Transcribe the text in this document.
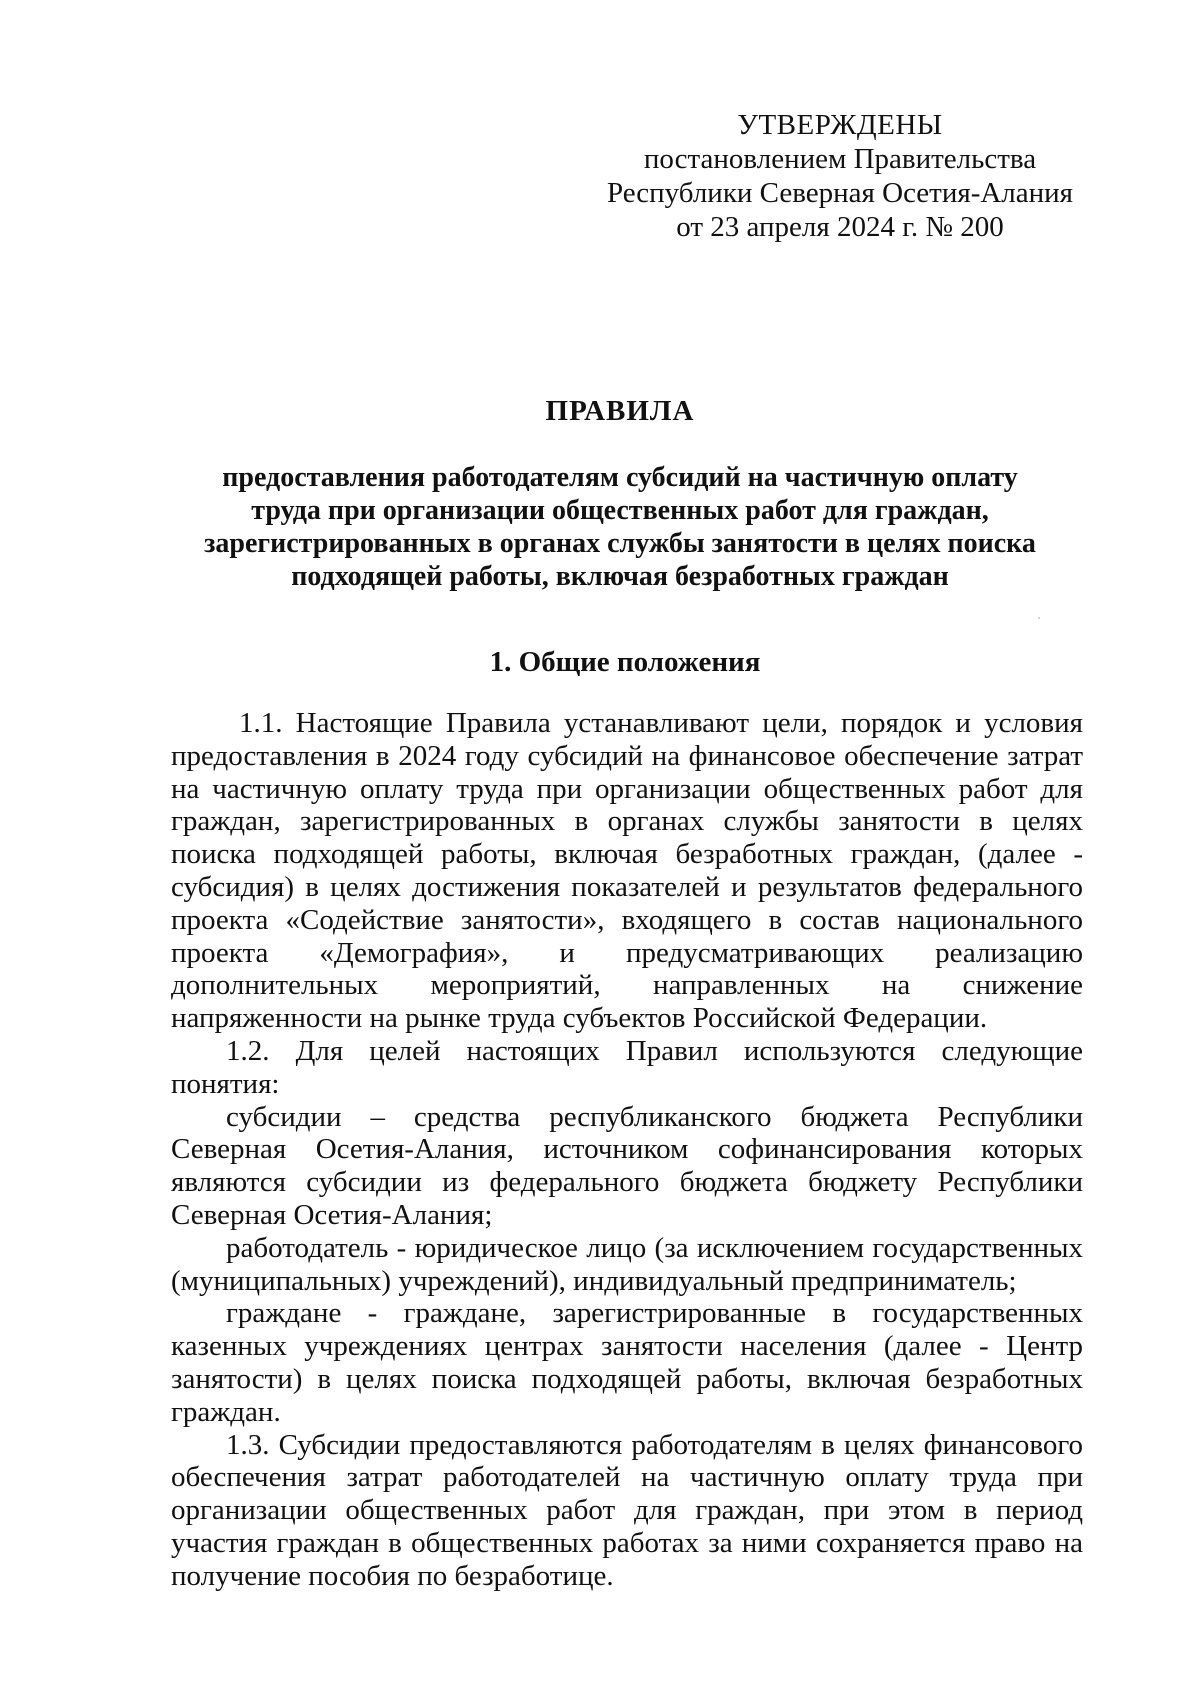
УТВЕРЖДЕНЫ
постановлением Правительства
Республики Северная Осетия-Алания
от 23 апреля 2024 г. № 200
ПРАВИЛА
предоставления работодателям субсидий на частичную оплату
труда при организации общественных работ для граждан,
зарегистрированных в органах службы занятости в целях поиска
подходящей работы, включая безработных граждан
1. Общие положения

1.1. Настоящие Правила устанавливают цели, порядок и условия предоставления в 2024 году субсидий на финансовое обеспечение затрат на частичную оплату труда при организации общественных работ для граждан, зарегистрированных в органах службы занятости в целях поиска подходящей работы, включая безработных граждан, (далее - субсидия) в целях достижения показателей и результатов федерального проекта «Содействие занятости», входящего в состав национального проекта «Демография», и предусматривающих реализацию дополнительных мероприятий, направленных на снижение напряженности на рынке труда субъектов Российской Федерации.

1.2. Для целей настоящих Правил используются следующие понятия:

субсидии – средства республиканского бюджета Республики Северная Осетия-Алания, источником софинансирования которых являются субсидии из федерального бюджета бюджету Республики Северная Осетия-Алания;

работодатель - юридическое лицо (за исключением государственных (муниципальных) учреждений), индивидуальный предприниматель;

граждане - граждане, зарегистрированные в государственных казенных учреждениях центрах занятости населения (далее - Центр занятости) в целях поиска подходящей работы, включая безработных граждан.

1.3. Субсидии предоставляются работодателям в целях финансового обеспечения затрат работодателей на частичную оплату труда при организации общественных работ для граждан, при этом в период участия граждан в общественных работах за ними сохраняется право на получение пособия по безработице.
